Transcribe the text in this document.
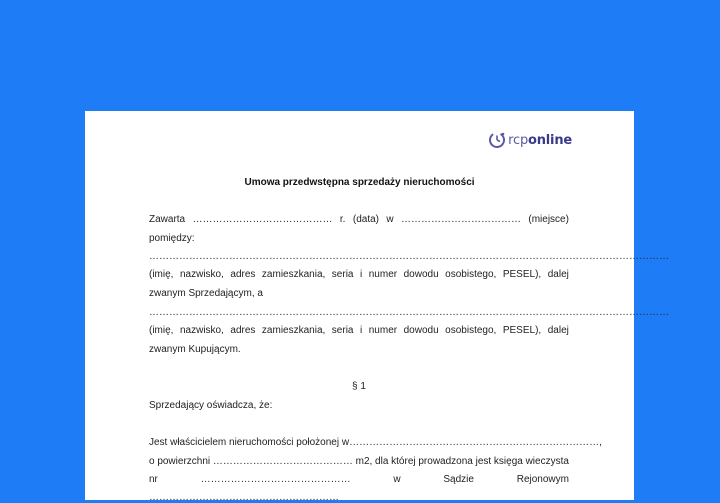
rcp online
Umowa przedwstępna sprzedaży nieruchomości
Zawarta …………………………………… r. (data) w ……………………………… (miejsce)
pomiędzy:
…………………………………………………………………………………………………………………………………………
(imię, nazwisko, adres zamieszkania, seria i numer dowodu osobistego, PESEL), dalej
zwanym Sprzedającym, a
…………………………………………………………………………………………………………………………………………
(imię, nazwisko, adres zamieszkania, seria i numer dowodu osobistego, PESEL), dalej
zwanym Kupującym.
§ 1
Sprzedający oświadcza, że:
Jest właścicielem nieruchomości położonej w …………………………………………………………………,
o powierzchni …………………………………… m2, dla której prowadzona jest księga wieczysta
nr	………………………………………	w	Sądzie	Rejonowym
…………………………………………………
